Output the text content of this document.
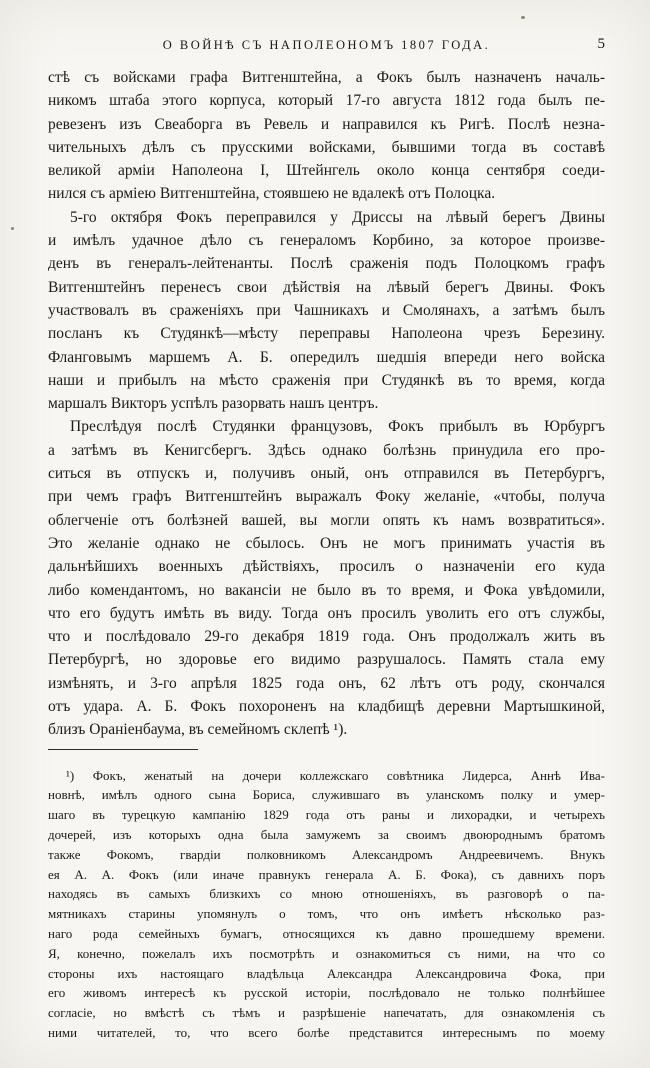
О ВОЙНѢ СЪ НАПОЛЕОНОМЪ 1807 ГОДА.	5
стѣ съ войсками графа Витгенштейна, а Фокъ былъ назначенъ началь-
никомъ штаба этого корпуса, который 17-го августа 1812 года былъ пе-
ревезенъ изъ Свеаборга въ Ревель и направился къ Ригѣ. Послѣ незна-
чительныхъ дѣлъ съ прусскими войсками, бывшими тогда въ составѣ
великой арміи Наполеона I, Штейнгель около конца сентября соеди-
нился съ арміею Витгенштейна, стоявшею не вдалекѣ отъ Полоцка.
5-го октября Фокъ переправился у Дриссы на лѣвый берегъ Двины
и имѣлъ удачное дѣло съ генераломъ Корбино, за которое произве-
денъ въ генералъ-лейтенанты. Послѣ сраженія подъ Полоцкомъ графъ
Витгенштейнъ перенесъ свои дѣйствія на лѣвый берегъ Двины. Фокъ
участвовалъ въ сраженіяхъ при Чашникахъ и Смолянахъ, а затѣмъ былъ
посланъ къ Студянкѣ—мѣсту переправы Наполеона чрезъ Березину.
Фланговымъ маршемъ А. Б. опередилъ шедшія впереди него войска
наши и прибылъ на мѣсто сраженія при Студянкѣ въ то время, когда
маршалъ Викторъ успѣлъ разорвать нашъ центръ.
Преслѣдуя послѣ Студянки французовъ, Фокъ прибылъ въ Юрбургъ
а затѣмъ въ Кенигсбергъ. Здѣсь однако болѣзнь принудила его про-
ситься въ отпускъ и, получивъ оный, онъ отправился въ Петербургъ,
при чемъ графъ Витгенштейнъ выражалъ Фоку желаніе, «чтобы, получа
облегченіе отъ болѣзней вашей, вы могли опять къ намъ возвратиться».
Это желаніе однако не сбылось. Онъ не могъ принимать участія въ
дальнѣйшихъ военныхъ дѣйствіяхъ, просилъ о назначеніи его куда
либо комендантомъ, но вакансіи не было въ то время, и Фока увѣдомили,
что его будутъ имѣть въ виду. Тогда онъ просилъ уволить его отъ службы,
что и послѣдовало 29-го декабря 1819 года. Онъ продолжалъ жить въ
Петербургѣ, но здоровье его видимо разрушалось. Память стала ему
измѣнять, и 3-го апрѣля 1825 года онъ, 62 лѣтъ отъ роду, скончался
отъ удара. А. Б. Фокъ похороненъ на кладбищѣ деревни Мартышкиной,
близъ Ораніенбаума, въ семейномъ склепѣ ¹).
¹) Фокъ, женатый на дочери коллежскаго совѣтника Лидерса, Аннѣ Ива-
новнѣ, имѣлъ одного сына Бориса, служившаго въ уланскомъ полку и умер-
шаго въ турецкую кампанію 1829 года отъ раны и лихорадки, и четырехъ
дочерей, изъ которыхъ одна была замужемъ за своимъ двоюроднымъ братомъ
также Фокомъ, гвардіи полковникомъ Александромъ Андреевичемъ. Внукъ
ея А. А. Фокъ (или иначе правнукъ генерала А. Б. Фока), съ давнихъ поръ
находясь въ самыхъ близкихъ со мною отношеніяхъ, въ разговорѣ о па-
мятникахъ старины упомянулъ о томъ, что онъ имѣетъ нѣсколько раз-
наго рода семейныхъ бумагъ, относящихся къ давно прошедшему времени.
Я, конечно, пожелалъ ихъ посмотрѣть и ознакомиться съ ними, на что со
стороны ихъ настоящаго владѣльца Александра Александровича Фока, при
его живомъ интересѣ къ русской исторіи, послѣдовало не только полнѣйшее
согласіе, но вмѣстѣ съ тѣмъ и разрѣшеніе напечатать, для ознакомленія съ
ними читателей, то, что всего болѣе представится интереснымъ по моему
